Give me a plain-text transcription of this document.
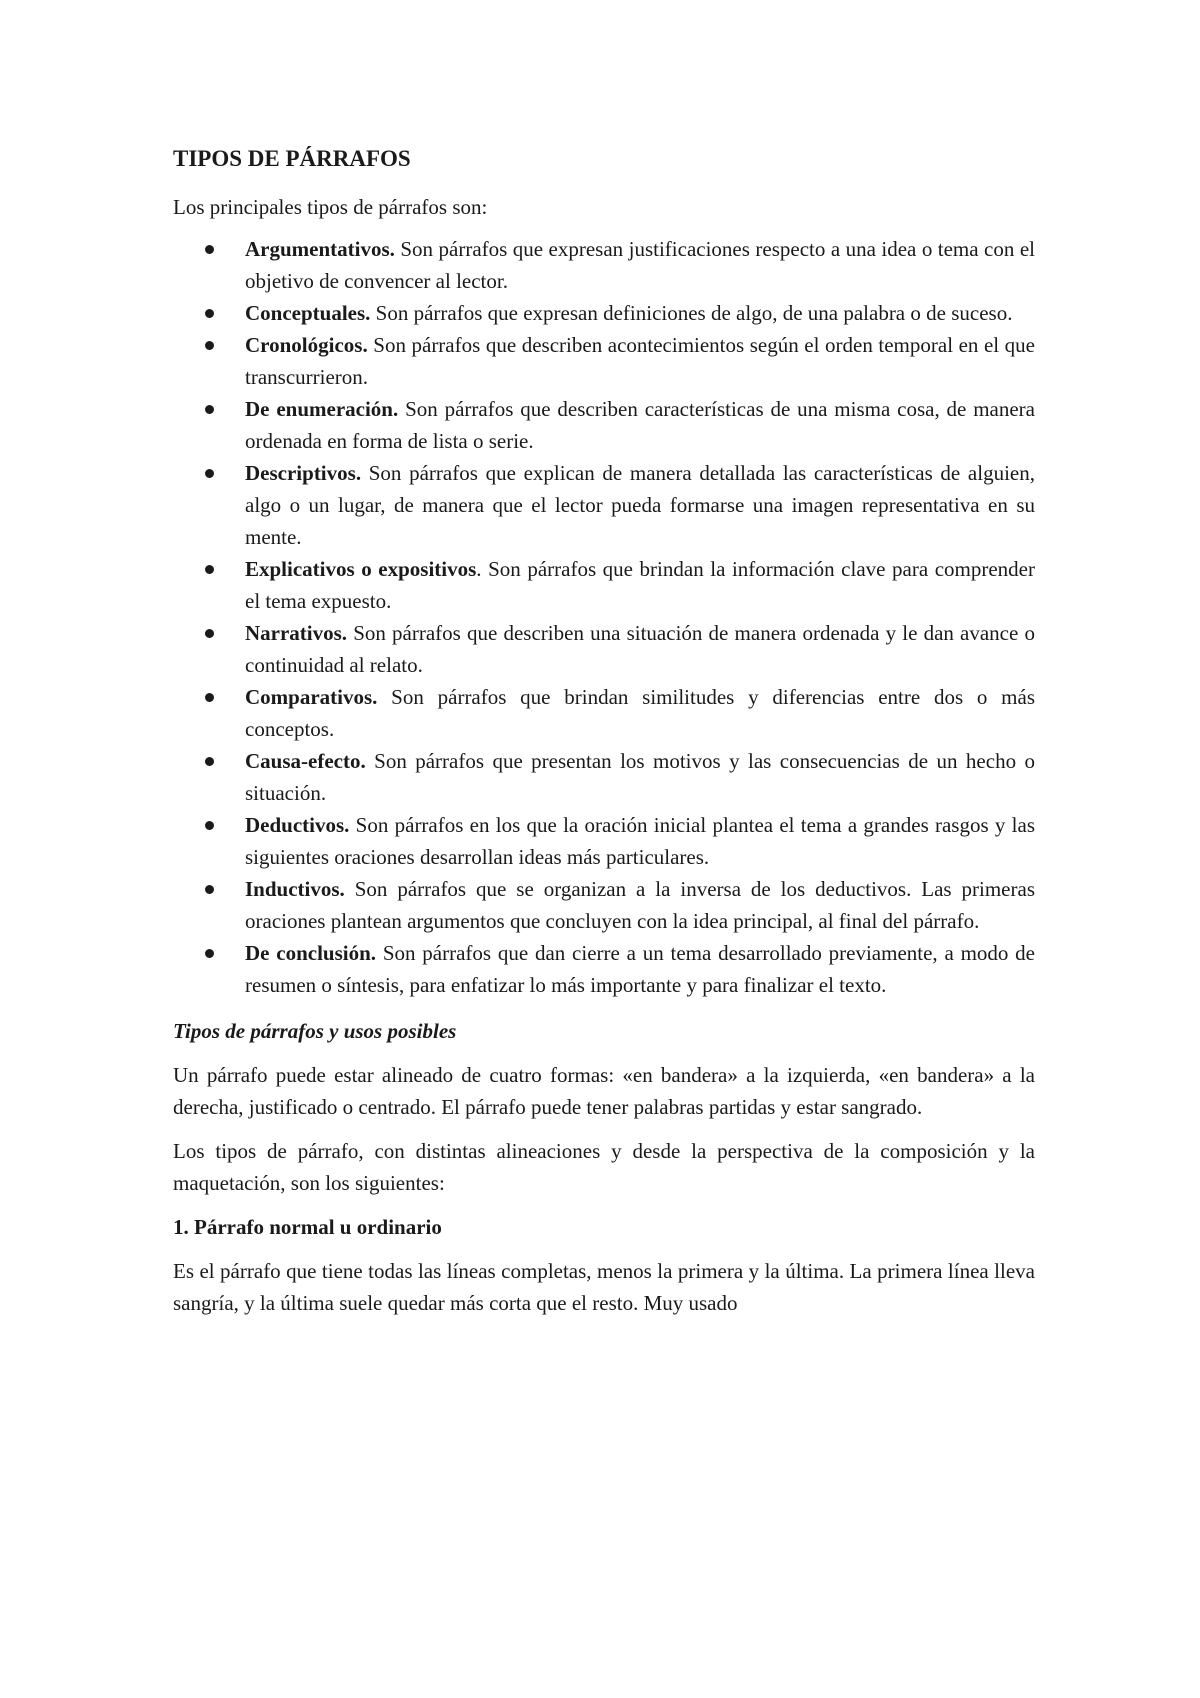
TIPOS DE PÁRRAFOS
Los principales tipos de párrafos son:
Argumentativos. Son párrafos que expresan justificaciones respecto a una idea o tema con el objetivo de convencer al lector.
Conceptuales. Son párrafos que expresan definiciones de algo, de una palabra o de suceso.
Cronológicos. Son párrafos que describen acontecimientos según el orden temporal en el que transcurrieron.
De enumeración. Son párrafos que describen características de una misma cosa, de manera ordenada en forma de lista o serie.
Descriptivos. Son párrafos que explican de manera detallada las características de alguien, algo o un lugar, de manera que el lector pueda formarse una imagen representativa en su mente.
Explicativos o expositivos. Son párrafos que brindan la información clave para comprender el tema expuesto.
Narrativos. Son párrafos que describen una situación de manera ordenada y le dan avance o continuidad al relato.
Comparativos. Son párrafos que brindan similitudes y diferencias entre dos o más conceptos.
Causa-efecto. Son párrafos que presentan los motivos y las consecuencias de un hecho o situación.
Deductivos. Son párrafos en los que la oración inicial plantea el tema a grandes rasgos y las siguientes oraciones desarrollan ideas más particulares.
Inductivos. Son párrafos que se organizan a la inversa de los deductivos. Las primeras oraciones plantean argumentos que concluyen con la idea principal, al final del párrafo.
De conclusión. Son párrafos que dan cierre a un tema desarrollado previamente, a modo de resumen o síntesis, para enfatizar lo más importante y para finalizar el texto.
Tipos de párrafos y usos posibles

Un párrafo puede estar alineado de cuatro formas: «en bandera» a la izquierda, «en bandera» a la derecha, justificado o centrado. El párrafo puede tener palabras partidas y estar sangrado.

Los tipos de párrafo, con distintas alineaciones y desde la perspectiva de la composición y la maquetación, son los siguientes:

1. Párrafo normal u ordinario

Es el párrafo que tiene todas las líneas completas, menos la primera y la última. La primera línea lleva sangría, y la última suele quedar más corta que el resto. Muy usado
